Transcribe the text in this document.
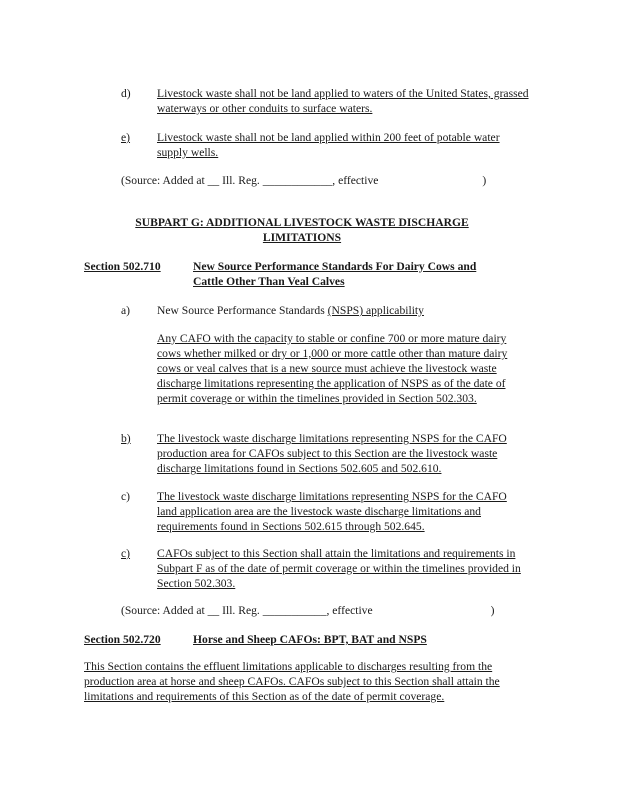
d) Livestock waste shall not be land applied to waters of the United States, grassed waterways or other conduits to surface waters.
e) Livestock waste shall not be land applied within 200 feet of potable water supply wells.
(Source: Added at __ Ill. Reg. ____________, effective	)
SUBPART G: ADDITIONAL LIVESTOCK WASTE DISCHARGE
LIMITATIONS
Section 502.710	New Source Performance Standards For Dairy Cows and
Cattle Other Than Veal Calves
a) New Source Performance Standards (NSPS) applicability
Any CAFO with the capacity to stable or confine 700 or more mature dairy cows whether milked or dry or 1,000 or more cattle other than mature dairy cows or veal calves that is a new source must achieve the livestock waste discharge limitations representing the application of NSPS as of the date of permit coverage or within the timelines provided in Section 502.303.
b) The livestock waste discharge limitations representing NSPS for the CAFO production area for CAFOs subject to this Section are the livestock waste discharge limitations found in Sections 502.605 and 502.610.
c) The livestock waste discharge limitations representing NSPS for the CAFO land application area are the livestock waste discharge limitations and requirements found in Sections 502.615 through 502.645.
c) CAFOs subject to this Section shall attain the limitations and requirements in Subpart F as of the date of permit coverage or within the timelines provided in Section 502.303.
(Source: Added at __ Ill. Reg. ___________, effective	)
Section 502.720	Horse and Sheep CAFOs: BPT, BAT and NSPS
This Section contains the effluent limitations applicable to discharges resulting from the production area at horse and sheep CAFOs. CAFOs subject to this Section shall attain the limitations and requirements of this Section as of the date of permit coverage.
